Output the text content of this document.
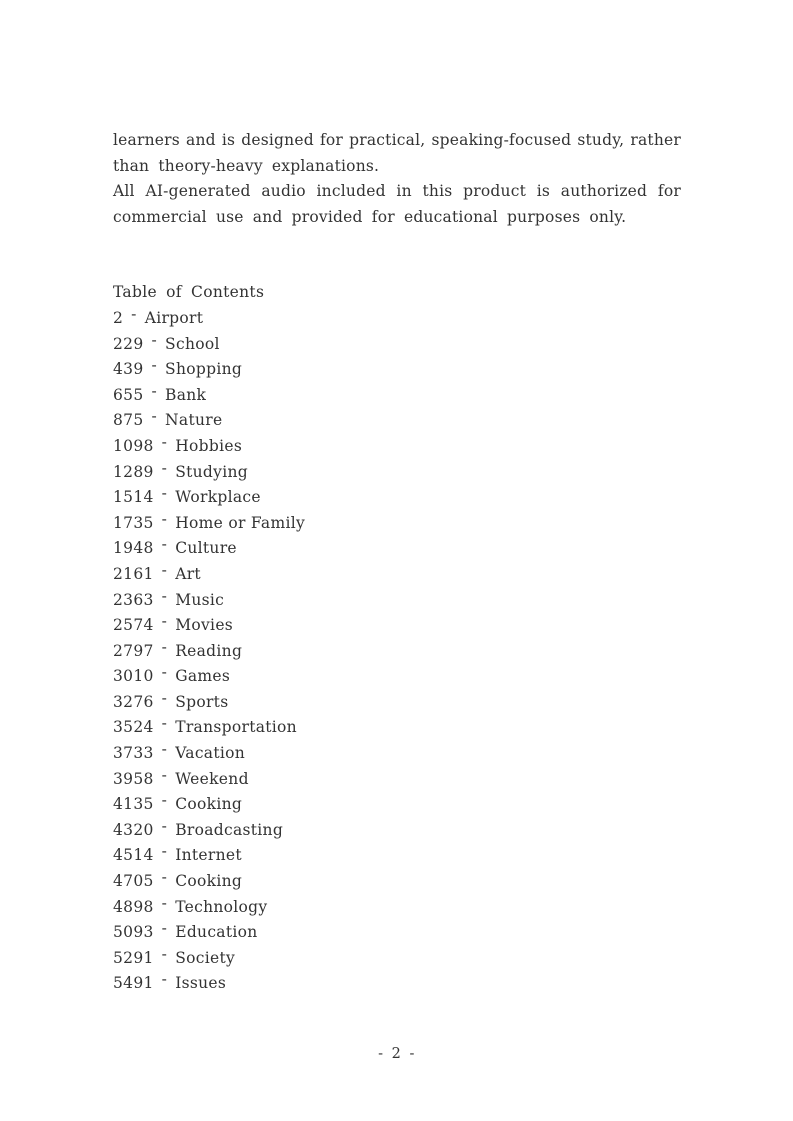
learners and is designed for practical, speaking-focused study, rather
than theory-heavy explanations.
All AI-generated audio included in this product is authorized for
commercial use and provided for educational purposes only.
Table of Contents
2 - Airport
229 - School
439 - Shopping
655 - Bank
875 - Nature
1098 - Hobbies
1289 - Studying
1514 - Workplace
1735 - Home or Family
1948 - Culture
2161 - Art
2363 - Music
2574 - Movies
2797 - Reading
3010 - Games
3276 - Sports
3524 - Transportation
3733 - Vacation
3958 - Weekend
4135 - Cooking
4320 - Broadcasting
4514 - Internet
4705 - Cooking
4898 - Technology
5093 - Education
5291 - Society
5491 - Issues
- 2 -
